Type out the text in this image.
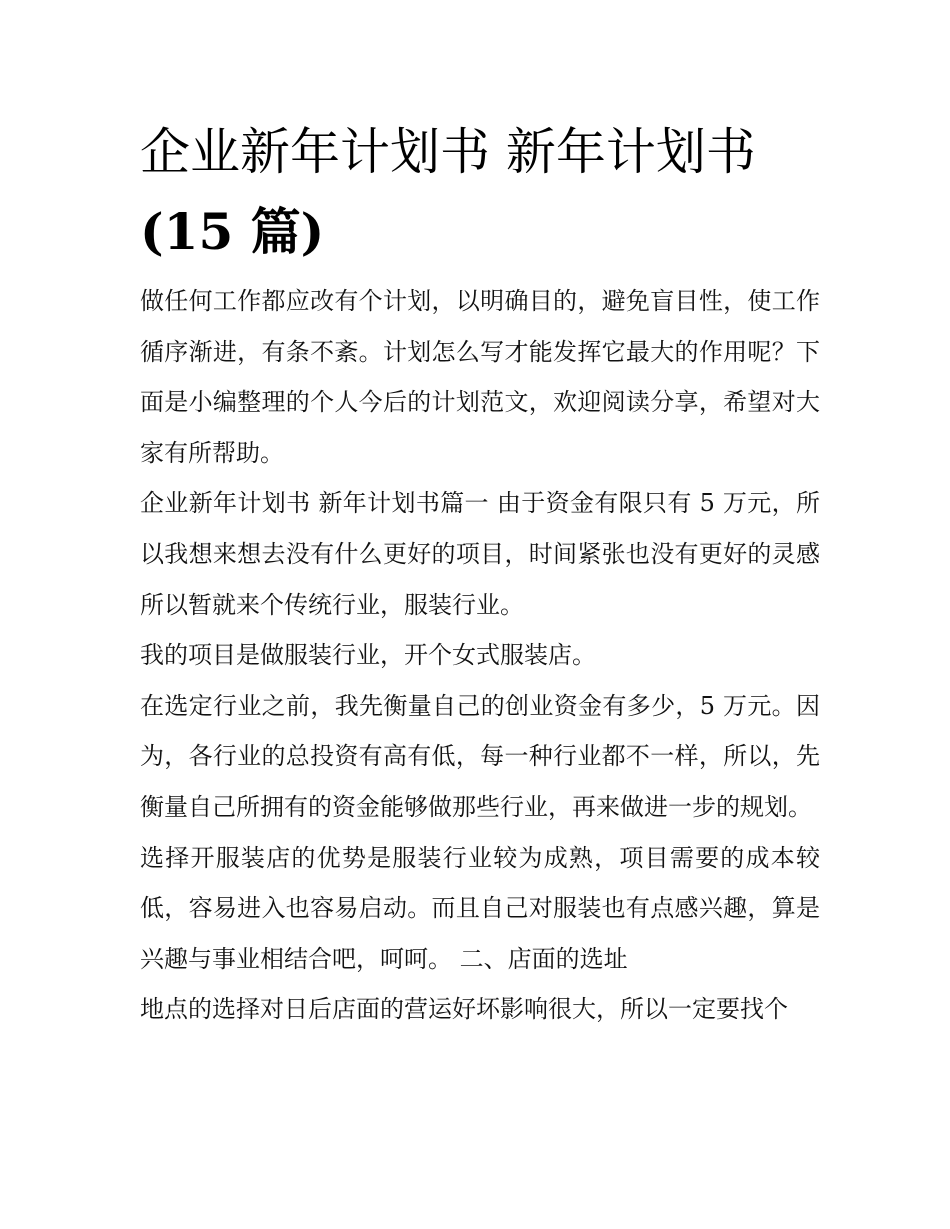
企业新年计划书 新年计划书
(15 篇)

做任何工作都应改有个计划，以明确目的，避免盲目性，使工作循序渐进，有条不紊。计划怎么写才能发挥它最大的作用呢？下面是小编整理的个人今后的计划范文，欢迎阅读分享，希望对大家有所帮助。

企业新年计划书 新年计划书篇一 由于资金有限只有 5 万元，所以我想来想去没有什么更好的项目，时间紧张也没有更好的灵感所以暂就来个传统行业，服装行业。

我的项目是做服装行业，开个女式服装店。

在选定行业之前，我先衡量自己的创业资金有多少，5 万元。因为，各行业的总投资有高有低，每一种行业都不一样，所以，先衡量自己所拥有的资金能够做那些行业，再来做进一步的规划。

选择开服装店的优势是服装行业较为成熟，项目需要的成本较低，容易进入也容易启动。而且自己对服装也有点感兴趣，算是兴趣与事业相结合吧，呵呵。 二、店面的选址

地点的选择对日后店面的营运好坏影响很大，所以一定要找个
